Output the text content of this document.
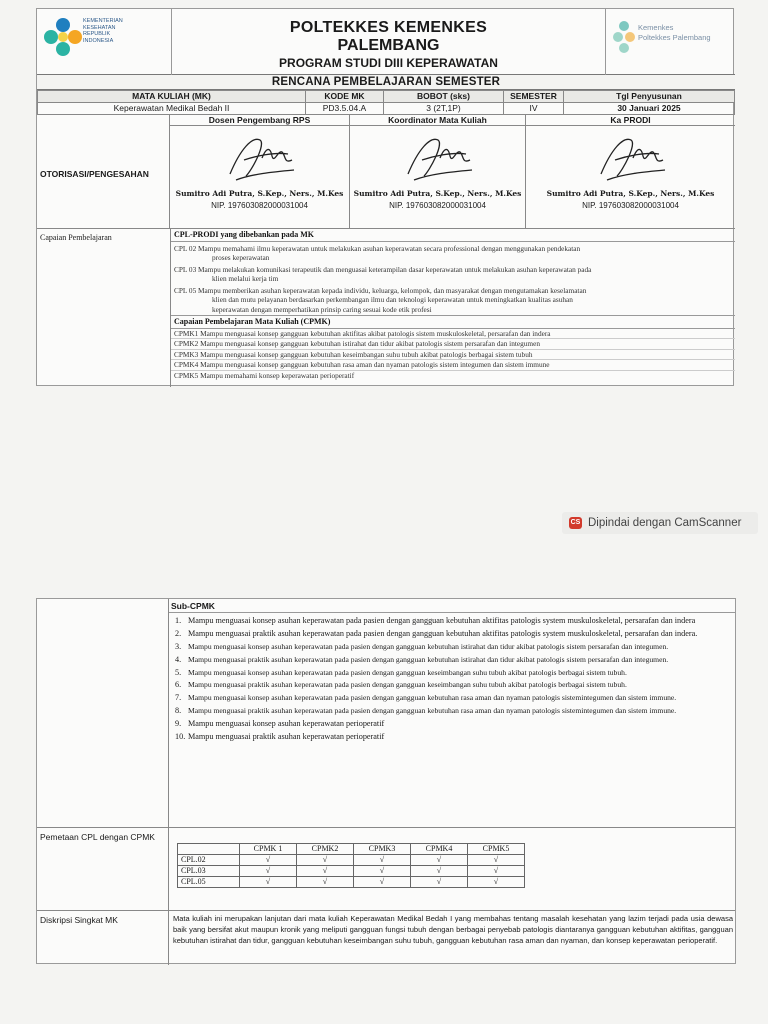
KEMENTERIAN
KESEHATAN
REPUBLIK
INDONESIA
POLTEKKES KEMENKES
PALEMBANG
PROGRAM STUDI DIII KEPERAWATAN
Kemenkes
Poltekkes Palembang
RENCANA PEMBELAJARAN SEMESTER
MATA KULIAH (MK)	KODE MK	BOBOT (sks)	SEMESTER	Tgl Penyusunan
Keperawatan Medikal Bedah II	PD3.5.04.A	3 (2T,1P)	IV	30 Januari 2025
OTORISASI/PENGESAHAN
Dosen Pengembang RPS
Sumitro Adi Putra, S.Kep., Ners., M.Kes
NIP. 197603082000031004
Koordinator Mata Kuliah
Sumitro Adi Putra, S.Kep., Ners., M.Kes
NIP. 197603082000031004
Ka PRODI
Sumitro Adi Putra, S.Kep., Ners., M.Kes
NIP. 197603082000031004
Capaian Pembelajaran	CPL-PRODI yang dibebankan pada MK
CPL 02 Mampu memahami ilmu keperawatan untuk melakukan asuhan keperawatan secara professional dengan menggunakan pendekatan
proses keperawatan
CPL 03 Mampu melakukan komunikasi terapeutik dan menguasai keterampilan dasar keperawatan untuk melakukan asuhan keperawatan pada
klien melalui kerja tim
CPL 05 Mampu memberikan asuhan keperawatan kepada individu, keluarga, kelompok, dan masyarakat dengan mengutamakan keselamatan
klien dan mutu pelayanan berdasarkan perkembangan ilmu dan teknologi keperawatan untuk meningkatkan kualitas asuhan
keperawatan dengan memperhatikan prinsip caring sesuai kode etik profesi
Capaian Pembelajaran Mata Kuliah (CPMK)
CPMK1 Mampu menguasai konsep gangguan kebutuhan aktifitas akibat patologis sistem muskuloskeletal, persarafan dan indera
CPMK2 Mampu menguasai konsep gangguan kebutuhan istirahat dan tidur akibat patologis sistem persarafan dan integumen
CPMK3 Mampu menguasai konsep gangguan kebutuhan keseimbangan suhu tubuh akibat patologis berbagai sistem tubuh
CPMK4 Mampu menguasai konsep gangguan kebutuhan rasa aman dan nyaman patologis sistem integumen dan sistem immune
CPMK5 Mampu memahami konsep keperawatan perioperatif
CS Dipindai dengan CamScanner
Sub-CPMK
1. Mampu menguasai konsep asuhan keperawatan pada pasien dengan gangguan kebutuhan aktifitas patologis system muskuloskeletal, persarafan dan indera
2. Mampu menguasai praktik asuhan keperawatan pada pasien dengan gangguan kebutuhan aktifitas patologis system muskuloskeletal, persarafan dan indera.
3. Mampu menguasai konsep asuhan keperawatan pada pasien dengan gangguan kebutuhan istirahat dan tidur akibat patologis sistem persarafan dan integumen.
4. Mampu menguasai praktik asuhan keperawatan pada pasien dengan gangguan kebutuhan istirahat dan tidur akibat patologis sistem persarafan dan integumen.
5. Mampu menguasai konsep asuhan keperawatan pada pasien dengan gangguan keseimbangan suhu tubuh akibat patologis berbagai sistem tubuh.
6. Mampu menguasai praktik asuhan keperawatan pada pasien dengan gangguan keseimbangan suhu tubuh akibat patologis berbagai sistem tubuh.
7. Mampu menguasai konsep asuhan keperawatan pada pasien dengan gangguan kebutuhan rasa aman dan nyaman patologis sistemintegumen dan sistem immune.
8. Mampu menguasai praktik asuhan keperawatan pada pasien dengan gangguan kebutuhan rasa aman dan nyaman patologis sistemintegumen dan sistem immune.
9. Mampu menguasai konsep asuhan keperawatan perioperatif
10. Mampu menguasai praktik asuhan keperawatan perioperatif
Pemetaan CPL dengan CPMK
	CPMK 1	CPMK2	CPMK3	CPMK4	CPMK5
CPL.02	√	√	√	√	√
CPL.03	√	√	√	√	√
CPL.05	√	√	√	√	√
Diskripsi Singkat MK	Mata kuliah ini merupakan lanjutan dari mata kuliah Keperawatan Medikal Bedah I yang membahas tentang masalah kesehatan yang lazim terjadi pada usia dewasa baik yang bersifat akut maupun kronik yang meliputi gangguan fungsi tubuh dengan berbagai penyebab patologis diantaranya gangguan kebutuhan aktifitas, gangguan kebutuhan istirahat dan tidur, gangguan kebutuhan keseimbangan suhu tubuh, gangguan kebutuhan rasa aman dan nyaman, dan konsep keperawatan perioperatif.
